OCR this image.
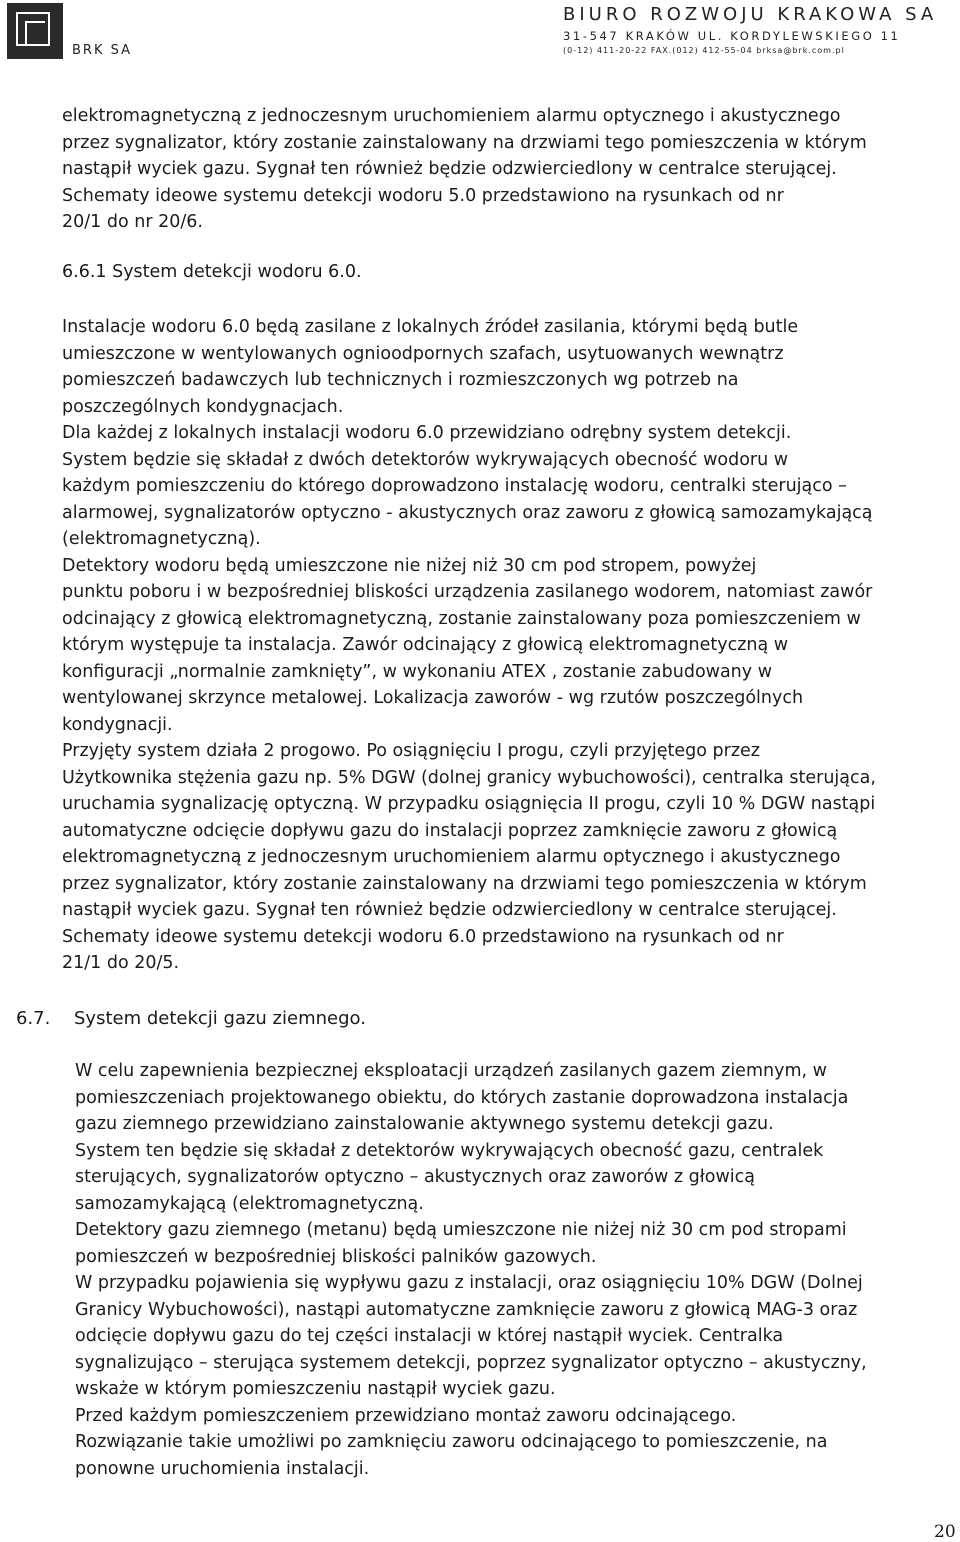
BRK SA
BIURO ROZWOJU KRAKOWA SA
31-547 KRAKÓW UL. KORDYLEWSKIEGO 11
(0-12) 411-20-22 FAX.(012) 412-55-04 brksa@brk.com.pl

elektromagnetyczną z jednoczesnym uruchomieniem alarmu optycznego i akustycznego
przez sygnalizator, który zostanie zainstalowany na drzwiami tego pomieszczenia w którym
nastąpił wyciek gazu. Sygnał ten również będzie odzwierciedlony w centralce sterującej.
Schematy ideowe systemu detekcji wodoru 5.0 przedstawiono na rysunkach od nr
20/1 do nr 20/6.

6.6.1 System detekcji wodoru 6.0.

Instalacje wodoru 6.0 będą zasilane z lokalnych źródeł zasilania, którymi będą butle
umieszczone w wentylowanych ognioodpornych szafach, usytuowanych wewnątrz
pomieszczeń badawczych lub technicznych i rozmieszczonych wg potrzeb na
poszczególnych kondygnacjach.
Dla każdej z lokalnych instalacji wodoru 6.0 przewidziano odrębny system detekcji.
System będzie się składał z dwóch detektorów wykrywających obecność wodoru w
każdym pomieszczeniu do którego doprowadzono instalację wodoru, centralki sterująco –
alarmowej, sygnalizatorów optyczno - akustycznych oraz zaworu z głowicą samozamykającą
(elektromagnetyczną).
Detektory wodoru będą umieszczone nie niżej niż 30 cm pod stropem, powyżej
punktu poboru i w bezpośredniej bliskości urządzenia zasilanego wodorem, natomiast zawór
odcinający z głowicą elektromagnetyczną, zostanie zainstalowany poza pomieszczeniem w
którym występuje ta instalacja. Zawór odcinający z głowicą elektromagnetyczną w
konfiguracji „normalnie zamknięty”, w wykonaniu ATEX , zostanie zabudowany w
wentylowanej skrzynce metalowej. Lokalizacja zaworów - wg rzutów poszczególnych
kondygnacji.
Przyjęty system działa 2 progowo. Po osiągnięciu I progu, czyli przyjętego przez
Użytkownika stężenia gazu np. 5% DGW (dolnej granicy wybuchowości), centralka sterująca,
uruchamia sygnalizację optyczną. W przypadku osiągnięcia II progu, czyli 10 % DGW nastąpi
automatyczne odcięcie dopływu gazu do instalacji poprzez zamknięcie zaworu z głowicą
elektromagnetyczną z jednoczesnym uruchomieniem alarmu optycznego i akustycznego
przez sygnalizator, który zostanie zainstalowany na drzwiami tego pomieszczenia w którym
nastąpił wyciek gazu. Sygnał ten również będzie odzwierciedlony w centralce sterującej.
Schematy ideowe systemu detekcji wodoru 6.0 przedstawiono na rysunkach od nr
21/1 do 20/5.

6.7. System detekcji gazu ziemnego.

W celu zapewnienia bezpiecznej eksploatacji urządzeń zasilanych gazem ziemnym, w
pomieszczeniach projektowanego obiektu, do których zastanie doprowadzona instalacja
gazu ziemnego przewidziano zainstalowanie aktywnego systemu detekcji gazu.
System ten będzie się składał z detektorów wykrywających obecność gazu, centralek
sterujących, sygnalizatorów optyczno – akustycznych oraz zaworów z głowicą
samozamykającą (elektromagnetyczną.
Detektory gazu ziemnego (metanu) będą umieszczone nie niżej niż 30 cm pod stropami
pomieszczeń w bezpośredniej bliskości palników gazowych.
W przypadku pojawienia się wypływu gazu z instalacji, oraz osiągnięciu 10% DGW (Dolnej
Granicy Wybuchowości), nastąpi automatyczne zamknięcie zaworu z głowicą MAG-3 oraz
odcięcie dopływu gazu do tej części instalacji w której nastąpił wyciek. Centralka
sygnalizująco – sterująca systemem detekcji, poprzez sygnalizator optyczno – akustyczny,
wskaże w którym pomieszczeniu nastąpił wyciek gazu.
Przed każdym pomieszczeniem przewidziano montaż zaworu odcinającego.
Rozwiązanie takie umożliwi po zamknięciu zaworu odcinającego to pomieszczenie, na
ponowne uruchomienia instalacji.

20
